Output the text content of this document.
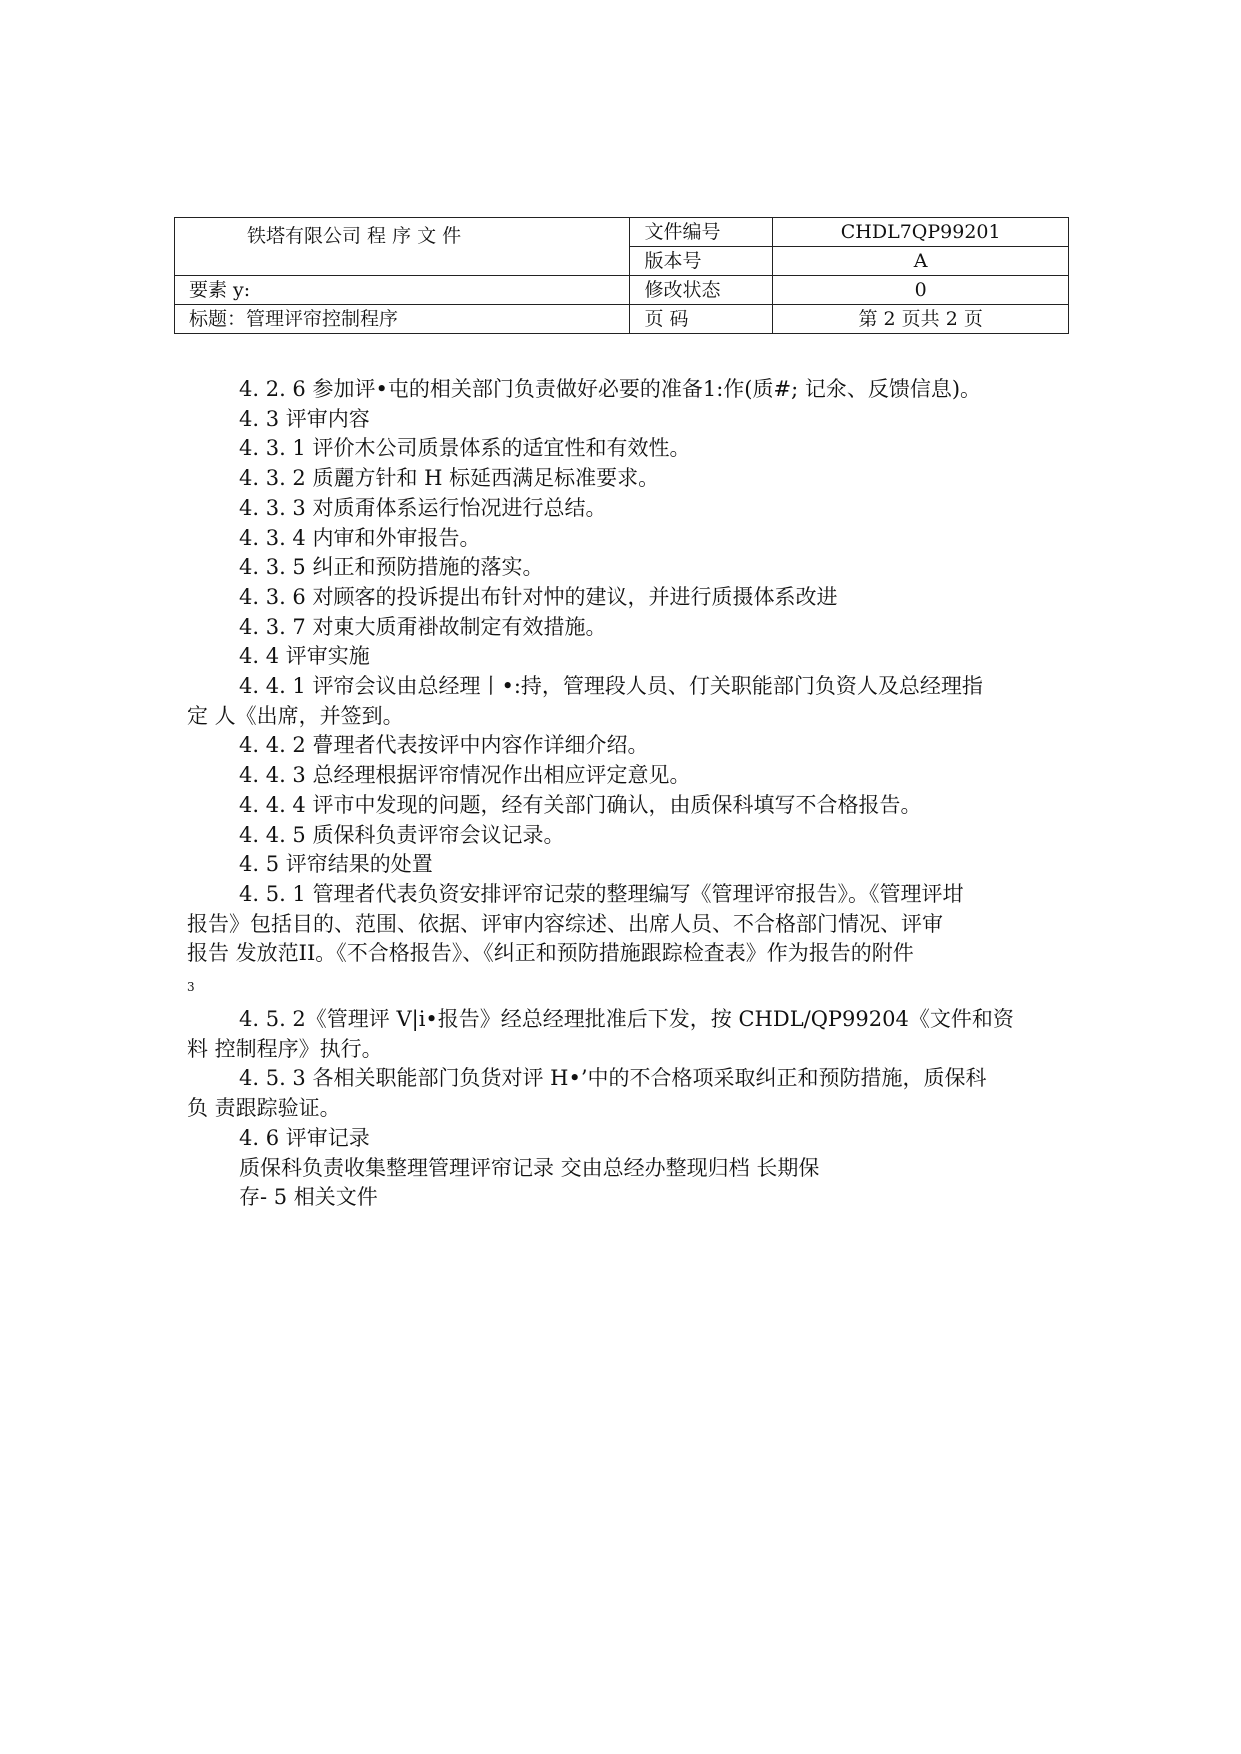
铁塔有限公司 程 序 文 件	文件编号	CHDL7QP99201
	版本号	A
要素 y:	修改状态	0
标题：管理评帘控制程序	页 码	第 2 页共 2 页
4. 2. 6 参加评•屯的相关部门负责做好必要的准备1:作(质#; 记氽、反馈信息)。
4. 3 评审内容
4. 3. 1 评价木公司质景体系的适宜性和有效性。
4. 3. 2 质麗方针和 H 标延西满足标准要求。
4. 3. 3 对质甭体系运行怡况进行总结。
4. 3. 4 内审和外审报告。
4. 3. 5 纠正和预防措施的落实。
4. 3. 6 对顾客的投诉提出布针对忡的建议，并进行质摄体系改进
4. 3. 7 对東大质甭褂故制定有效措施。
4. 4 评审实施
4. 4. 1 评帘会议由总经理丨•:持，管理段人员、仃关职能部门负资人及总经理指
定 人《出席，并签到。
4. 4. 2 瞢理者代表按评中内容作详细介绍。
4. 4. 3 总经理根据评帘情况作出相应评定意见。
4. 4. 4 评市中发现的问题，经有关部门确认，由质保科填写不合格报告。
4. 4. 5 质保科负责评帘会议记录。
4. 5 评帘结果的处置
4. 5. 1 管理者代表负资安排评帘记荥的整理编写《管理评帘报告》。《管理评坩
报告》包括目的、范围、依据、评审内容综述、出席人员、不合格部门情况、评审
报告 发放范II。《不合格报告》、《纠正和预防措施跟踪检査表》作为报告的附件
3
4. 5. 2《管理评 V|i•报告》经总经理批准后下发，按 CHDL/QP99204《文件和资
料 控制程序》执行。
4. 5. 3 各相关职能部门负货对评 H•’中的不合格项采取纠正和预防措施，质保科
负 责跟踪验证。
4. 6 评审记录
质保科负责收集整理管理评帘记录 交由总经办整现归档 长期保
存- 5 相关文件
